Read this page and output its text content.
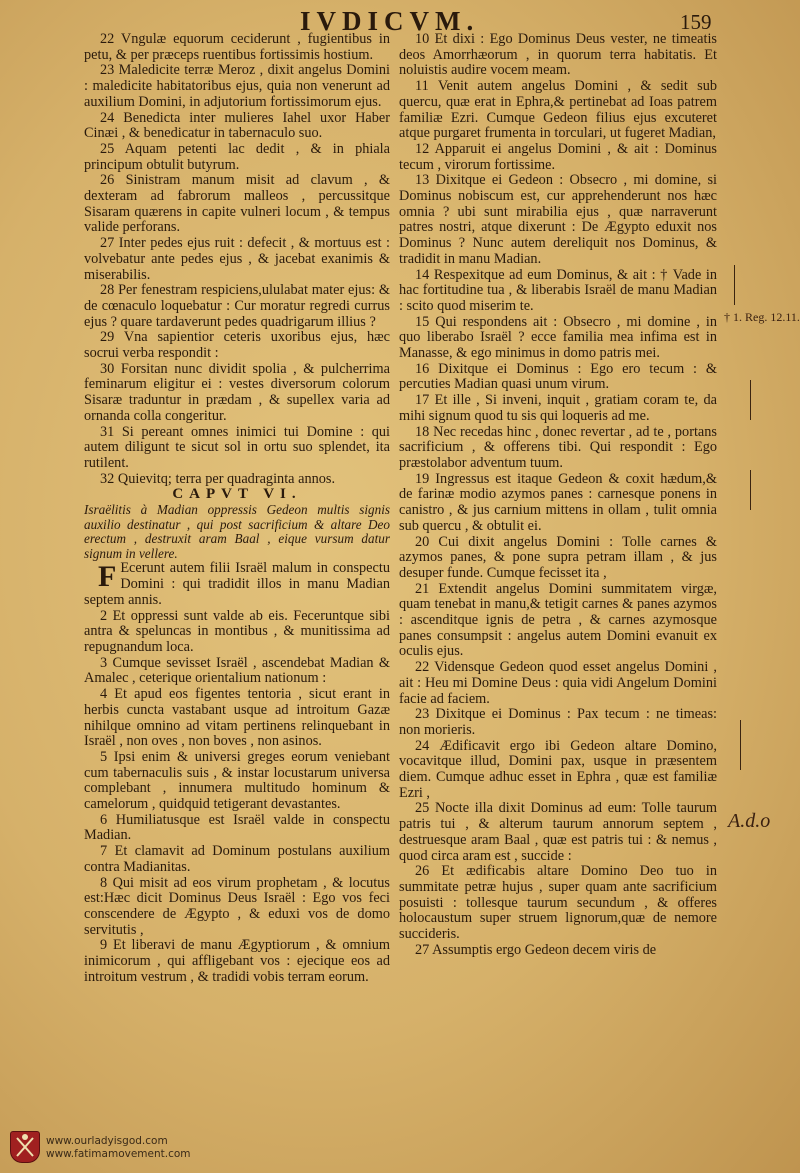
IVDICVM.	159

22 Vngulæ equorum ceciderunt , fugientibus in petu, & per præceps ruentibus fortissimis hostium.

23 Maledicite terræ Meroz , dixit angelus Domini : maledicite habitatoribus ejus, quia non venerunt ad auxilium Domini, in adjutorium fortissimorum ejus.

24 Benedicta inter mulieres Iahel uxor Haber Cinæi , & benedicatur in tabernaculo suo.

25 Aquam petenti lac dedit , & in phiala principum obtulit butyrum.

26 Sinistram manum misit ad clavum , & dexteram ad fabrorum malleos , percussitque Sisaram quærens in capite vulneri locum , & tempus valide perforans.

27 Inter pedes ejus ruit : defecit , & mortuus est : volvebatur ante pedes ejus , & jacebat exanimis & miserabilis.

28 Per fenestram respiciens,ululabat mater ejus: & de cœnaculo loquebatur : Cur moratur regredi currus ejus ? quare tardaverunt pedes quadrigarum illius ?

29 Vna sapientior ceteris uxoribus ejus, hæc socrui verba respondit :

30 Forsitan nunc dividit spolia , & pulcherrima feminarum eligitur ei : vestes diversorum colorum Sisaræ traduntur in prædam , & supellex varia ad ornanda colla congeritur.

31 Si pereant omnes inimici tui Domine : qui autem diligunt te sicut sol in ortu suo splendet, ita rutilent.

32 Quievitq; terra per quadraginta annos.

CAPVT VI.

Israëlitis à Madian oppressis Gedeon multis signis auxilio destinatur , qui post sacrificium & altare Deo erectum , destruxit aram Baal , eique vursum datur signum in vellere.

F Ecerunt autem filii Israël malum in conspectu Domini : qui tradidit illos in manu Madian septem annis.

2 Et oppressi sunt valde ab eis. Feceruntque sibi antra & speluncas in montibus , & munitissima ad repugnandum loca.

3 Cumque sevisset Israël , ascendebat Madian & Amalec , ceterique orientalium nationum :

4 Et apud eos figentes tentoria , sicut erant in herbis cuncta vastabant usque ad introitum Gazæ nihilque omnino ad vitam pertinens relinquebant in Israël , non oves , non boves , non asinos.

5 Ipsi enim & universi greges eorum veniebant cum tabernaculis suis , & instar locustarum universa complebant , innumera multitudo hominum & camelorum , quidquid tetigerant devastantes.

6 Humiliatusque est Israël valde in conspectu Madian.

7 Et clamavit ad Dominum postulans auxilium contra Madianitas.

8 Qui misit ad eos virum prophetam , & locutus est:Hæc dicit Dominus Deus Israël : Ego vos feci conscendere de Ægypto , & eduxi vos de domo servitutis ,

9 Et liberavi de manu Ægyptiorum , & omnium inimicorum , qui affligebant vos : ejecique eos ad introitum vestrum , & tradidi vobis terram eorum.

10 Et dixi : Ego Dominus Deus vester, ne timeatis deos Amorrhæorum , in quorum terra habitatis. Et noluistis audire vocem meam.

11 Venit autem angelus Domini , & sedit sub quercu, quæ erat in Ephra,& pertinebat ad Ioas patrem familiæ Ezri. Cumque Gedeon filius ejus excuteret atque purgaret frumenta in torculari, ut fugeret Madian,

12 Apparuit ei angelus Domini , & ait : Dominus tecum , virorum fortissime.

13 Dixitque ei Gedeon : Obsecro , mi domine, si Dominus nobiscum est, cur apprehenderunt nos hæc omnia ? ubi sunt mirabilia ejus , quæ narraverunt patres nostri, atque dixerunt : De Ægypto eduxit nos Dominus ? Nunc autem dereliquit nos Dominus, & tradidit in manu Madian.

14 Respexitque ad eum Dominus, & ait : † Vade in hac fortitudine tua , & liberabis Israël de manu Madian : scito quod miserim te.

15 Qui respondens ait : Obsecro , mi domine , in quo liberabo Israël ? ecce familia mea infima est in Manasse, & ego minimus in domo patris mei.

16 Dixitque ei Dominus : Ego ero tecum : & percuties Madian quasi unum virum.

17 Et ille , Si inveni, inquit , gratiam coram te, da mihi signum quod tu sis qui loqueris ad me.

18 Nec recedas hinc , donec revertar , ad te , portans sacrificium , & offerens tibi. Qui respondit : Ego præstolabor adventum tuum.

19 Ingressus est itaque Gedeon & coxit hædum,& de farinæ modio azymos panes : carnesque ponens in canistro , & jus carnium mittens in ollam , tulit omnia sub quercu , & obtulit ei.

20 Cui dixit angelus Domini : Tolle carnes & azymos panes, & pone supra petram illam , & jus desuper funde. Cumque fecisset ita ,

21 Extendit angelus Domini summitatem virgæ, quam tenebat in manu,& tetigit carnes & panes azymos : ascenditque ignis de petra , & carnes azymosque panes consumpsit : angelus autem Domini evanuit ex oculis ejus.

22 Vidensque Gedeon quod esset angelus Domini , ait : Heu mi Domine Deus : quia vidi Angelum Domini facie ad faciem.

23 Dixitque ei Dominus : Pax tecum : ne timeas: non morieris.

24 Ædificavit ergo ibi Gedeon altare Domino, vocavitque illud, Domini pax, usque in præsentem diem. Cumque adhuc esset in Ephra , quæ est familiæ Ezri ,

25 Nocte illa dixit Dominus ad eum: Tolle taurum patris tui , & alterum taurum annorum septem , destruesque aram Baal , quæ est patris tui : & nemus , quod circa aram est , succide :

26 Et ædificabis altare Domino Deo tuo in summitate petræ hujus , super quam ante sacrificium posuisti : tollesque taurum secundum , & offeres holocaustum super struem lignorum,quæ de nemore succideris.

27 Assumptis ergo Gedeon decem viris de

† 1. Reg. 12.11.
A.d.o
www.ourladyisgod.com
www.fatimamovement.com
